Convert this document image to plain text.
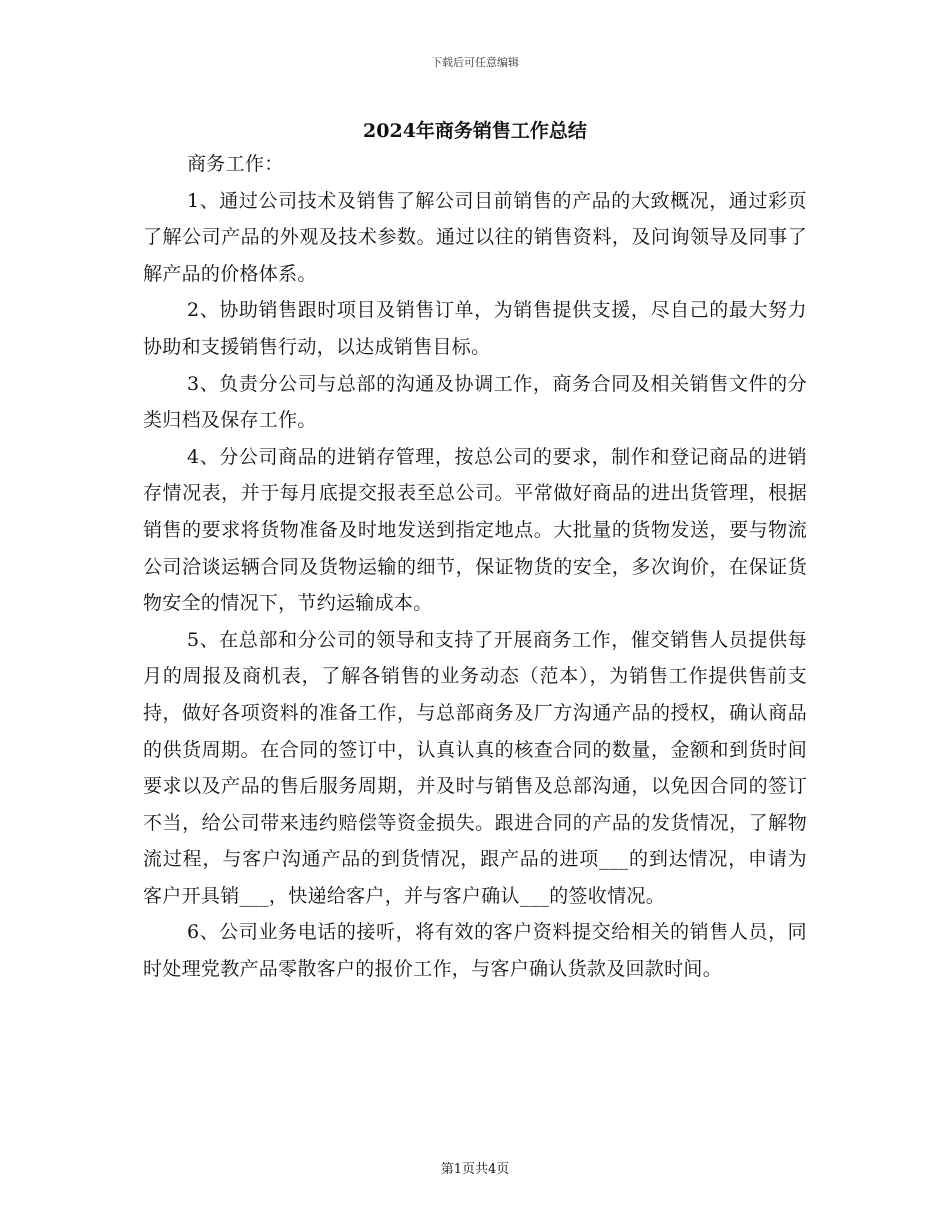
下载后可任意编辑
2024年商务销售工作总结

商务工作：

1、通过公司技术及销售了解公司目前销售的产品的大致概况，通过彩页了解公司产品的外观及技术参数。通过以往的销售资料，及问询领导及同事了解产品的价格体系。

2、协助销售跟时项目及销售订单，为销售提供支援，尽自己的最大努力协助和支援销售行动，以达成销售目标。

3、负责分公司与总部的沟通及协调工作，商务合同及相关销售文件的分类归档及保存工作。

4、分公司商品的进销存管理，按总公司的要求，制作和登记商品的进销存情况表，并于每月底提交报表至总公司。平常做好商品的进出货管理，根据销售的要求将货物准备及时地发送到指定地点。大批量的货物发送，要与物流公司洽谈运辆合同及货物运输的细节，保证物货的安全，多次询价，在保证货物安全的情况下，节约运输成本。

5、在总部和分公司的领导和支持了开展商务工作，催交销售人员提供每月的周报及商机表，了解各销售的业务动态（范本），为销售工作提供售前支持，做好各项资料的准备工作，与总部商务及厂方沟通产品的授权，确认商品的供货周期。在合同的签订中，认真认真的核查合同的数量，金额和到货时间要求以及产品的售后服务周期，并及时与销售及总部沟通，以免因合同的签订不当，给公司带来违约赔偿等资金损失。跟进合同的产品的发货情况，了解物流过程，与客户沟通产品的到货情况，跟产品的进项___的到达情况，申请为客户开具销___，快递给客户，并与客户确认___的签收情况。

6、公司业务电话的接听，将有效的客户资料提交给相关的销售人员，同时处理党教产品零散客户的报价工作，与客户确认货款及回款时间。

第1页共4页
